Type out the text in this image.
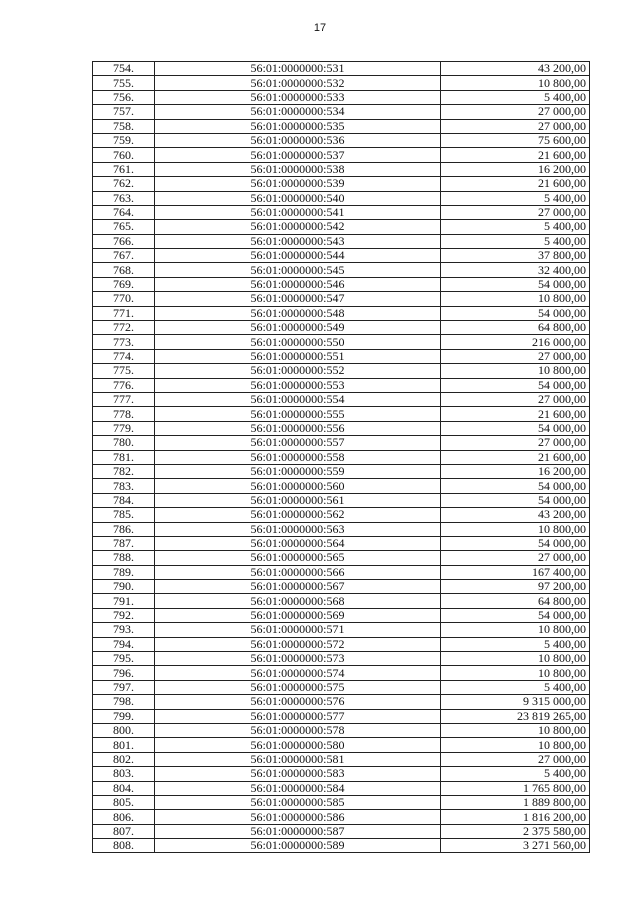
17
754.	56:01:0000000:531	43 200,00
755.	56:01:0000000:532	10 800,00
756.	56:01:0000000:533	5 400,00
757.	56:01:0000000:534	27 000,00
758.	56:01:0000000:535	27 000,00
759.	56:01:0000000:536	75 600,00
760.	56:01:0000000:537	21 600,00
761.	56:01:0000000:538	16 200,00
762.	56:01:0000000:539	21 600,00
763.	56:01:0000000:540	5 400,00
764.	56:01:0000000:541	27 000,00
765.	56:01:0000000:542	5 400,00
766.	56:01:0000000:543	5 400,00
767.	56:01:0000000:544	37 800,00
768.	56:01:0000000:545	32 400,00
769.	56:01:0000000:546	54 000,00
770.	56:01:0000000:547	10 800,00
771.	56:01:0000000:548	54 000,00
772.	56:01:0000000:549	64 800,00
773.	56:01:0000000:550	216 000,00
774.	56:01:0000000:551	27 000,00
775.	56:01:0000000:552	10 800,00
776.	56:01:0000000:553	54 000,00
777.	56:01:0000000:554	27 000,00
778.	56:01:0000000:555	21 600,00
779.	56:01:0000000:556	54 000,00
780.	56:01:0000000:557	27 000,00
781.	56:01:0000000:558	21 600,00
782.	56:01:0000000:559	16 200,00
783.	56:01:0000000:560	54 000,00
784.	56:01:0000000:561	54 000,00
785.	56:01:0000000:562	43 200,00
786.	56:01:0000000:563	10 800,00
787.	56:01:0000000:564	54 000,00
788.	56:01:0000000:565	27 000,00
789.	56:01:0000000:566	167 400,00
790.	56:01:0000000:567	97 200,00
791.	56:01:0000000:568	64 800,00
792.	56:01:0000000:569	54 000,00
793.	56:01:0000000:571	10 800,00
794.	56:01:0000000:572	5 400,00
795.	56:01:0000000:573	10 800,00
796.	56:01:0000000:574	10 800,00
797.	56:01:0000000:575	5 400,00
798.	56:01:0000000:576	9 315 000,00
799.	56:01:0000000:577	23 819 265,00
800.	56:01:0000000:578	10 800,00
801.	56:01:0000000:580	10 800,00
802.	56:01:0000000:581	27 000,00
803.	56:01:0000000:583	5 400,00
804.	56:01:0000000:584	1 765 800,00
805.	56:01:0000000:585	1 889 800,00
806.	56:01:0000000:586	1 816 200,00
807.	56:01:0000000:587	2 375 580,00
808.	56:01:0000000:589	3 271 560,00
